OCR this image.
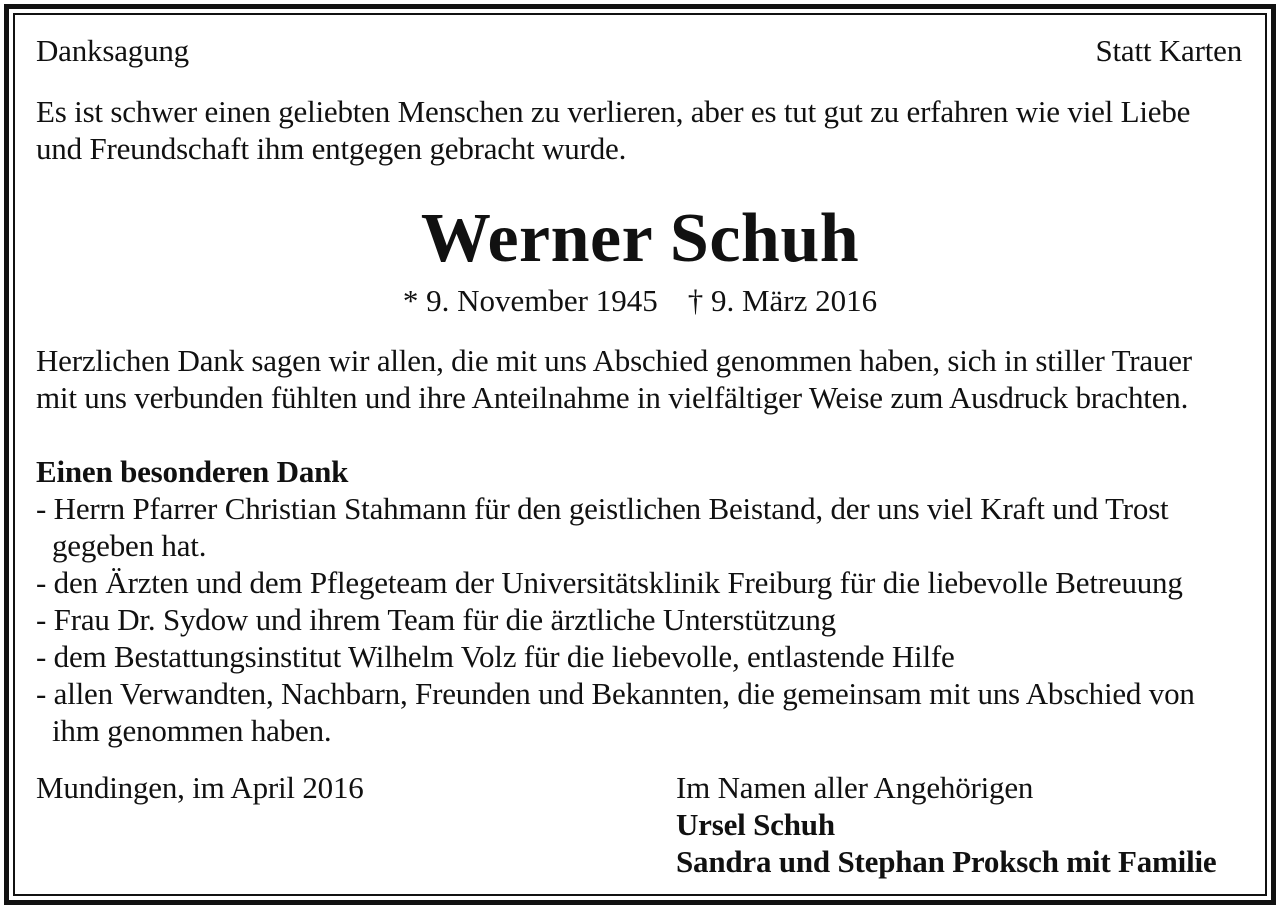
Danksagung	Statt Karten
Es ist schwer einen geliebten Menschen zu verlieren, aber es tut gut zu erfahren wie viel Liebe
und Freundschaft ihm entgegen gebracht wurde.
Werner Schuh
* 9. November 1945 † 9. März 2016
Herzlichen Dank sagen wir allen, die mit uns Abschied genommen haben, sich in stiller Trauer
mit uns verbunden fühlten und ihre Anteilnahme in vielfältiger Weise zum Ausdruck brachten.
Einen besonderen Dank
- Herrn Pfarrer Christian Stahmann für den geistlichen Beistand, der uns viel Kraft und Trost
gegeben hat.
- den Ärzten und dem Pflegeteam der Universitätsklinik Freiburg für die liebevolle Betreuung
- Frau Dr. Sydow und ihrem Team für die ärztliche Unterstützung
- dem Bestattungsinstitut Wilhelm Volz für die liebevolle, entlastende Hilfe
- allen Verwandten, Nachbarn, Freunden und Bekannten, die gemeinsam mit uns Abschied von
ihm genommen haben.
Mundingen, im April 2016	Im Namen aller Angehörigen
Ursel Schuh
Sandra und Stephan Proksch mit Familie
